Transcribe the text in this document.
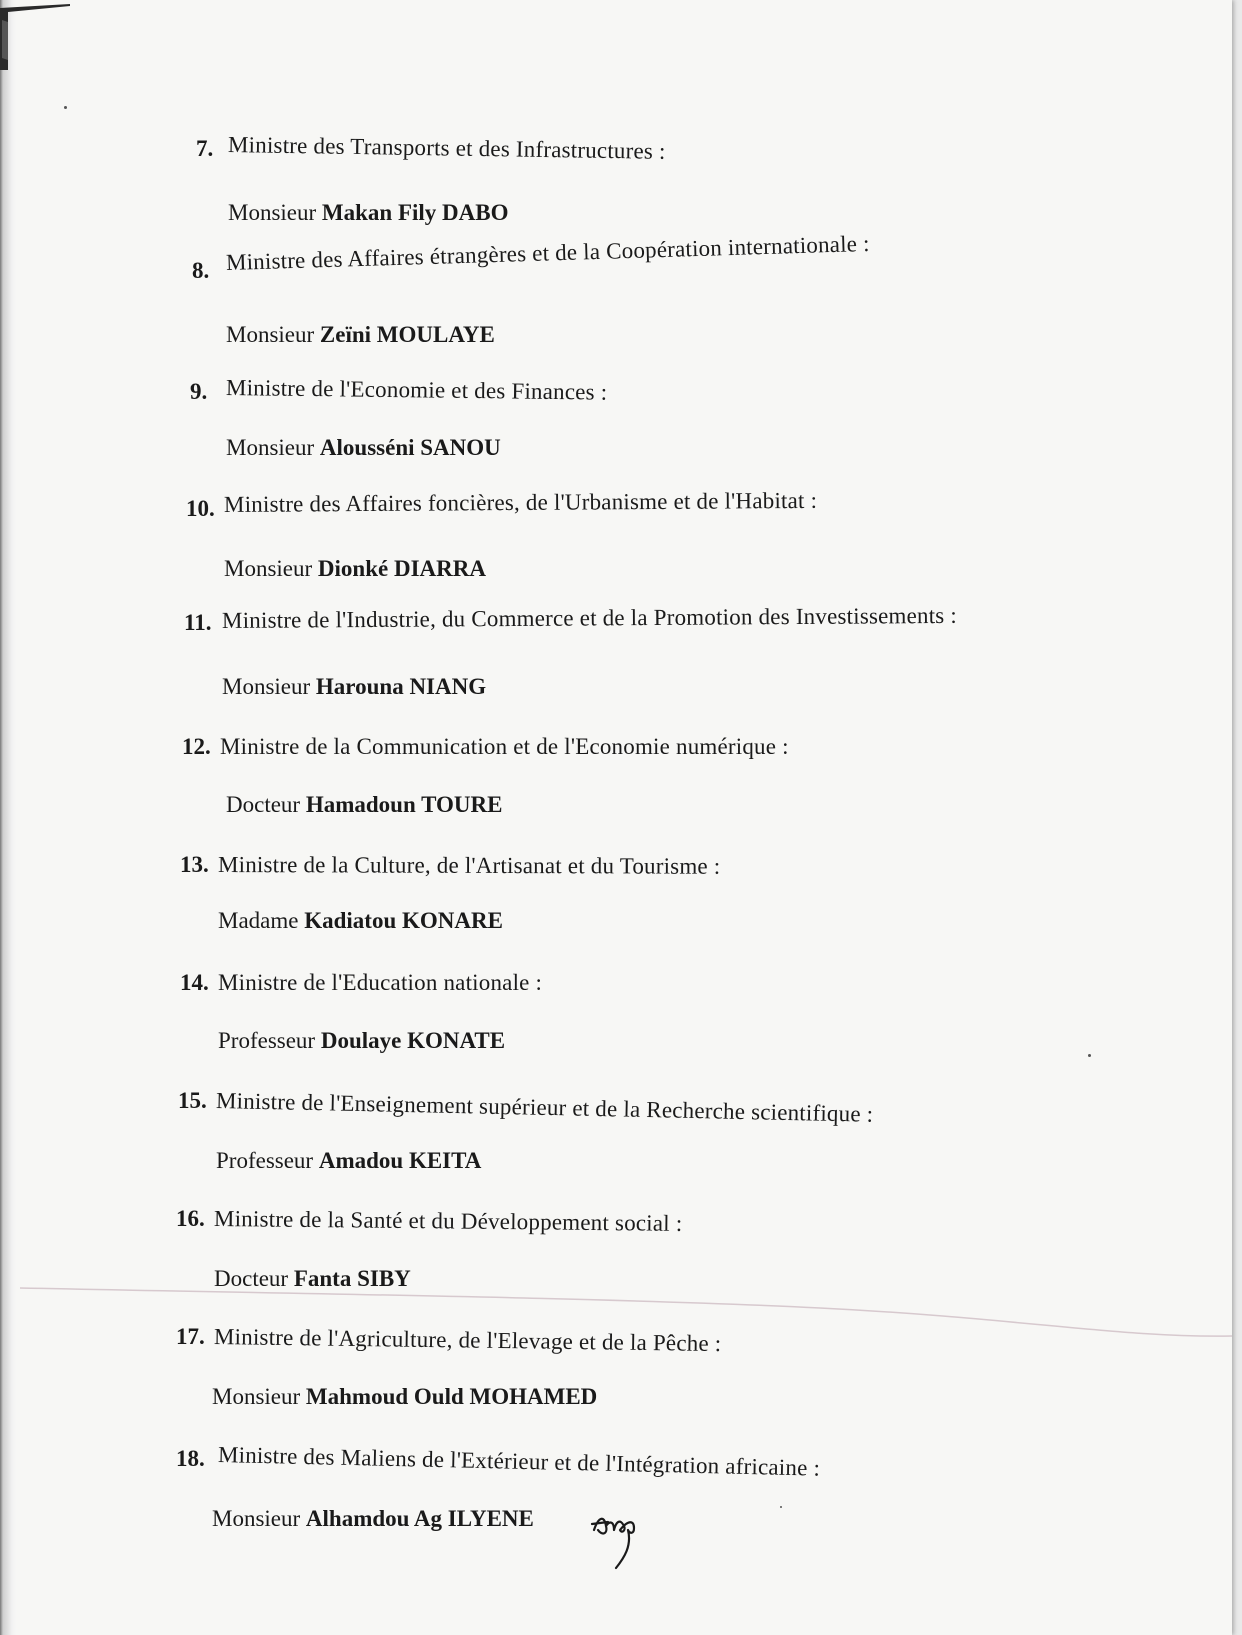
7. Ministre des Transports et des Infrastructures :
Monsieur Makan Fily DABO
8. Ministre des Affaires étrangères et de la Coopération internationale :
Monsieur Zeïni MOULAYE
9. Ministre de l'Economie et des Finances :
Monsieur Alousséni SANOU
10. Ministre des Affaires foncières, de l'Urbanisme et de l'Habitat :
Monsieur Dionké DIARRA
11. Ministre de l'Industrie, du Commerce et de la Promotion des Investissements :
Monsieur Harouna NIANG
12. Ministre de la Communication et de l'Economie numérique :
Docteur Hamadoun TOURE
13. Ministre de la Culture, de l'Artisanat et du Tourisme :
Madame Kadiatou KONARE
14. Ministre de l'Education nationale :
Professeur Doulaye KONATE
15. Ministre de l'Enseignement supérieur et de la Recherche scientifique :
Professeur Amadou KEITA
16. Ministre de la Santé et du Développement social :
Docteur Fanta SIBY
17. Ministre de l'Agriculture, de l'Elevage et de la Pêche :
Monsieur Mahmoud Ould MOHAMED
18. Ministre des Maliens de l'Extérieur et de l'Intégration africaine :
Monsieur Alhamdou Ag ILYENE
